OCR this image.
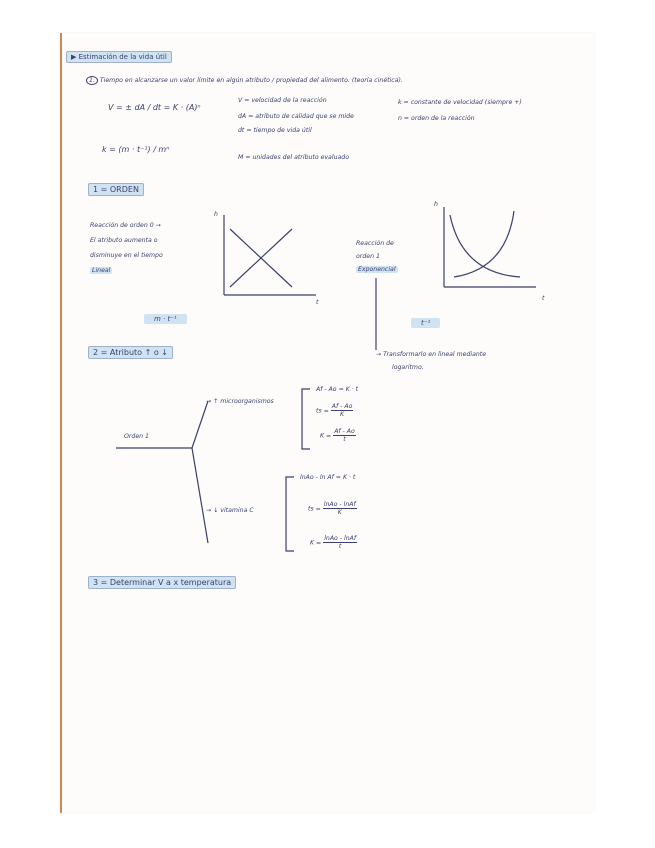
▶ Estimación de la vida útil
1. Tiempo en alcanzarse un valor límite en algún atributo / propiedad del alimento. (teoría cinética).
V = ± dA / dt = K · (A)ⁿ
k = (m · t⁻¹) / mⁿ
V = velocidad de la reacción
dA = atributo de calidad que se mide
dt = tiempo de vida útil
M = unidades del atributo evaluado
k = constante de velocidad (siempre +)
n = orden de la reacción
1 = ORDEN
Reacción de orden 0 →
El atributo aumenta o
disminuye en el tiempo
Lineal
h
t
m · t⁻¹
Reacción de
orden 1
Exponencial
h
t
t⁻¹
→ Transformarlo en lineal mediante
logaritmo.
2 = Atributo ↑ o ↓
Orden 1
→ ↑ microorganismos
→ ↓ vitamina C
Af - Ao = K · t
ts = $\frac{Af - Ao}{K}$
$K = \frac{Af - Ao}{t}$
lnAo - ln Af = K · t
ts = $\frac{\text{lnAo - lnAf}}{K}$
$K = \frac{\text{lnAo - lnAf}}{t}$
3 = Determinar V a x temperatura
